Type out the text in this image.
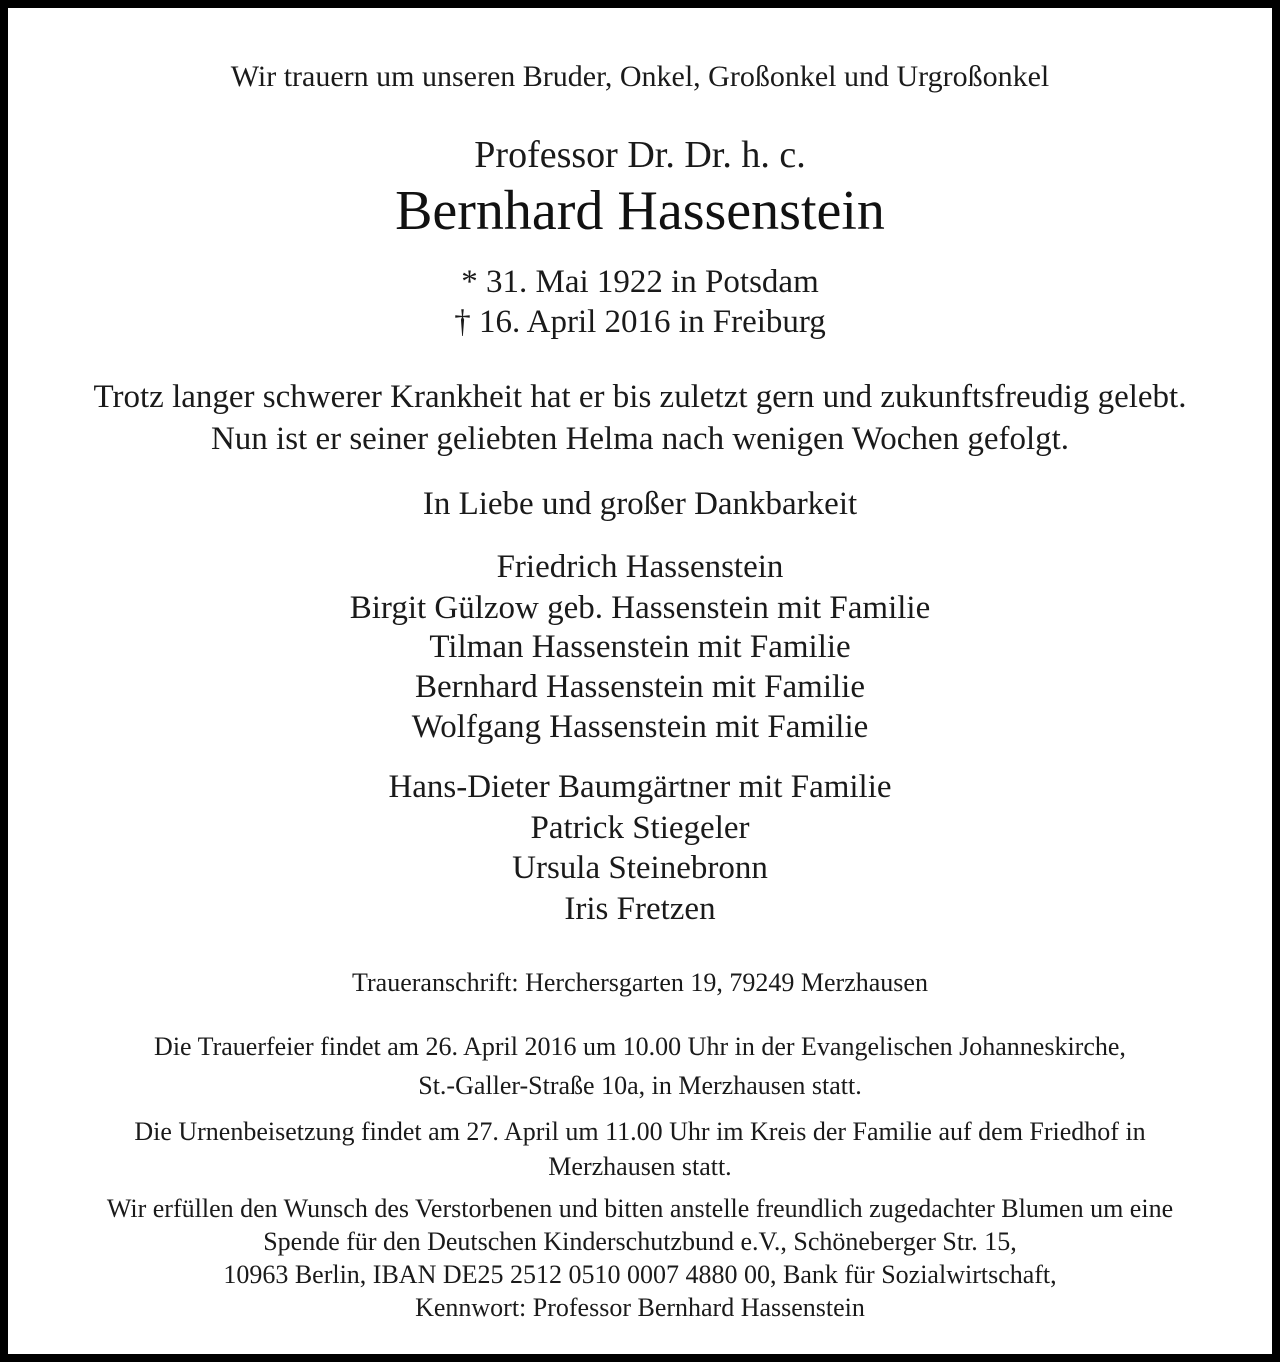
Wir trauern um unseren Bruder, Onkel, Großonkel und Urgroßonkel

Professor Dr. Dr. h. c.

Bernhard Hassenstein

* 31. Mai 1922 in Potsdam

† 16. April 2016 in Freiburg

Trotz langer schwerer Krankheit hat er bis zuletzt gern und zukunftsfreudig gelebt.

Nun ist er seiner geliebten Helma nach wenigen Wochen gefolgt.

In Liebe und großer Dankbarkeit

Friedrich Hassenstein

Birgit Gülzow geb. Hassenstein mit Familie

Tilman Hassenstein mit Familie

Bernhard Hassenstein mit Familie

Wolfgang Hassenstein mit Familie

Hans-Dieter Baumgärtner mit Familie

Patrick Stiegeler

Ursula Steinebronn

Iris Fretzen

Traueranschrift: Herchersgarten 19, 79249 Merzhausen

Die Trauerfeier findet am 26. April 2016 um 10.00 Uhr in der Evangelischen Johanneskirche,

St.-Galler-Straße 10a, in Merzhausen statt.

Die Urnenbeisetzung findet am 27. April um 11.00 Uhr im Kreis der Familie auf dem Friedhof in

Merzhausen statt.

Wir erfüllen den Wunsch des Verstorbenen und bitten anstelle freundlich zugedachter Blumen um eine

Spende für den Deutschen Kinderschutzbund e.V., Schöneberger Str. 15,

10963 Berlin, IBAN DE25 2512 0510 0007 4880 00, Bank für Sozialwirtschaft,

Kennwort: Professor Bernhard Hassenstein
